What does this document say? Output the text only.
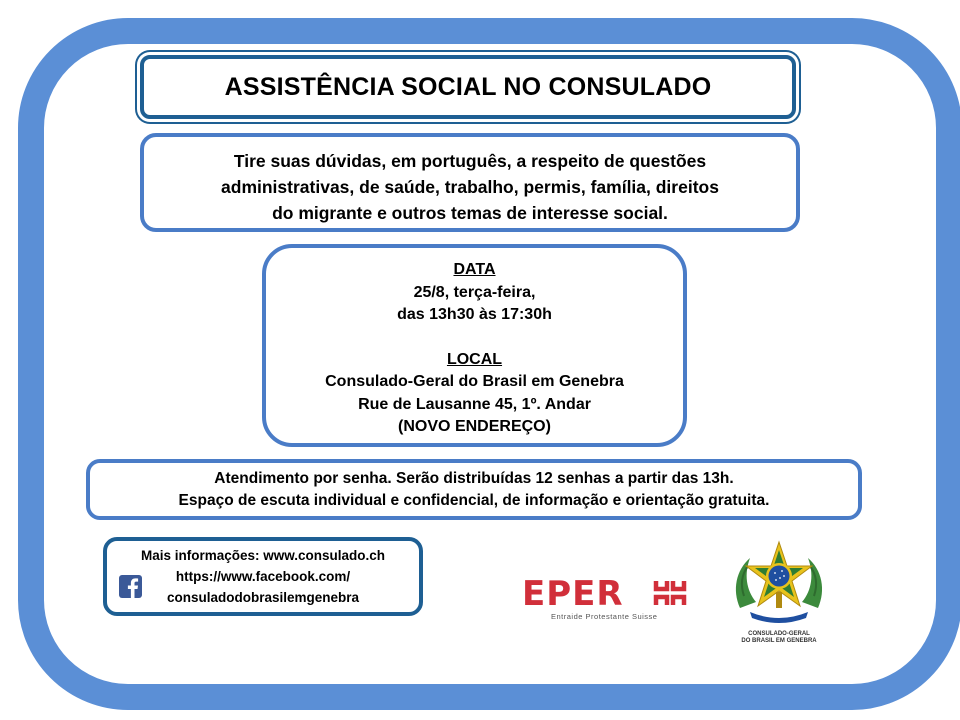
ASSISTÊNCIA SOCIAL NO CONSULADO
Tire suas dúvidas, em português, a respeito de questões
administrativas, de saúde, trabalho, permis, família, direitos
do migrante e outros temas de interesse social.
DATA
25/8, terça-feira,
das 13h30 às 17:30h
LOCAL
Consulado-Geral do Brasil em Genebra
Rue de Lausanne 45, 1º. Andar
(NOVO ENDEREÇO)
Atendimento por senha. Serão distribuídas 12 senhas a partir das 13h.
Espaço de escuta individual e confidencial, de informação e orientação gratuita.
Mais informações: www.consulado.ch
https://www.facebook.com/
consuladodobrasilemgenebra	EPER
Entraide Protestante Suisse
CONSULADO-GERAL
DO BRASIL EM GENEBRA
